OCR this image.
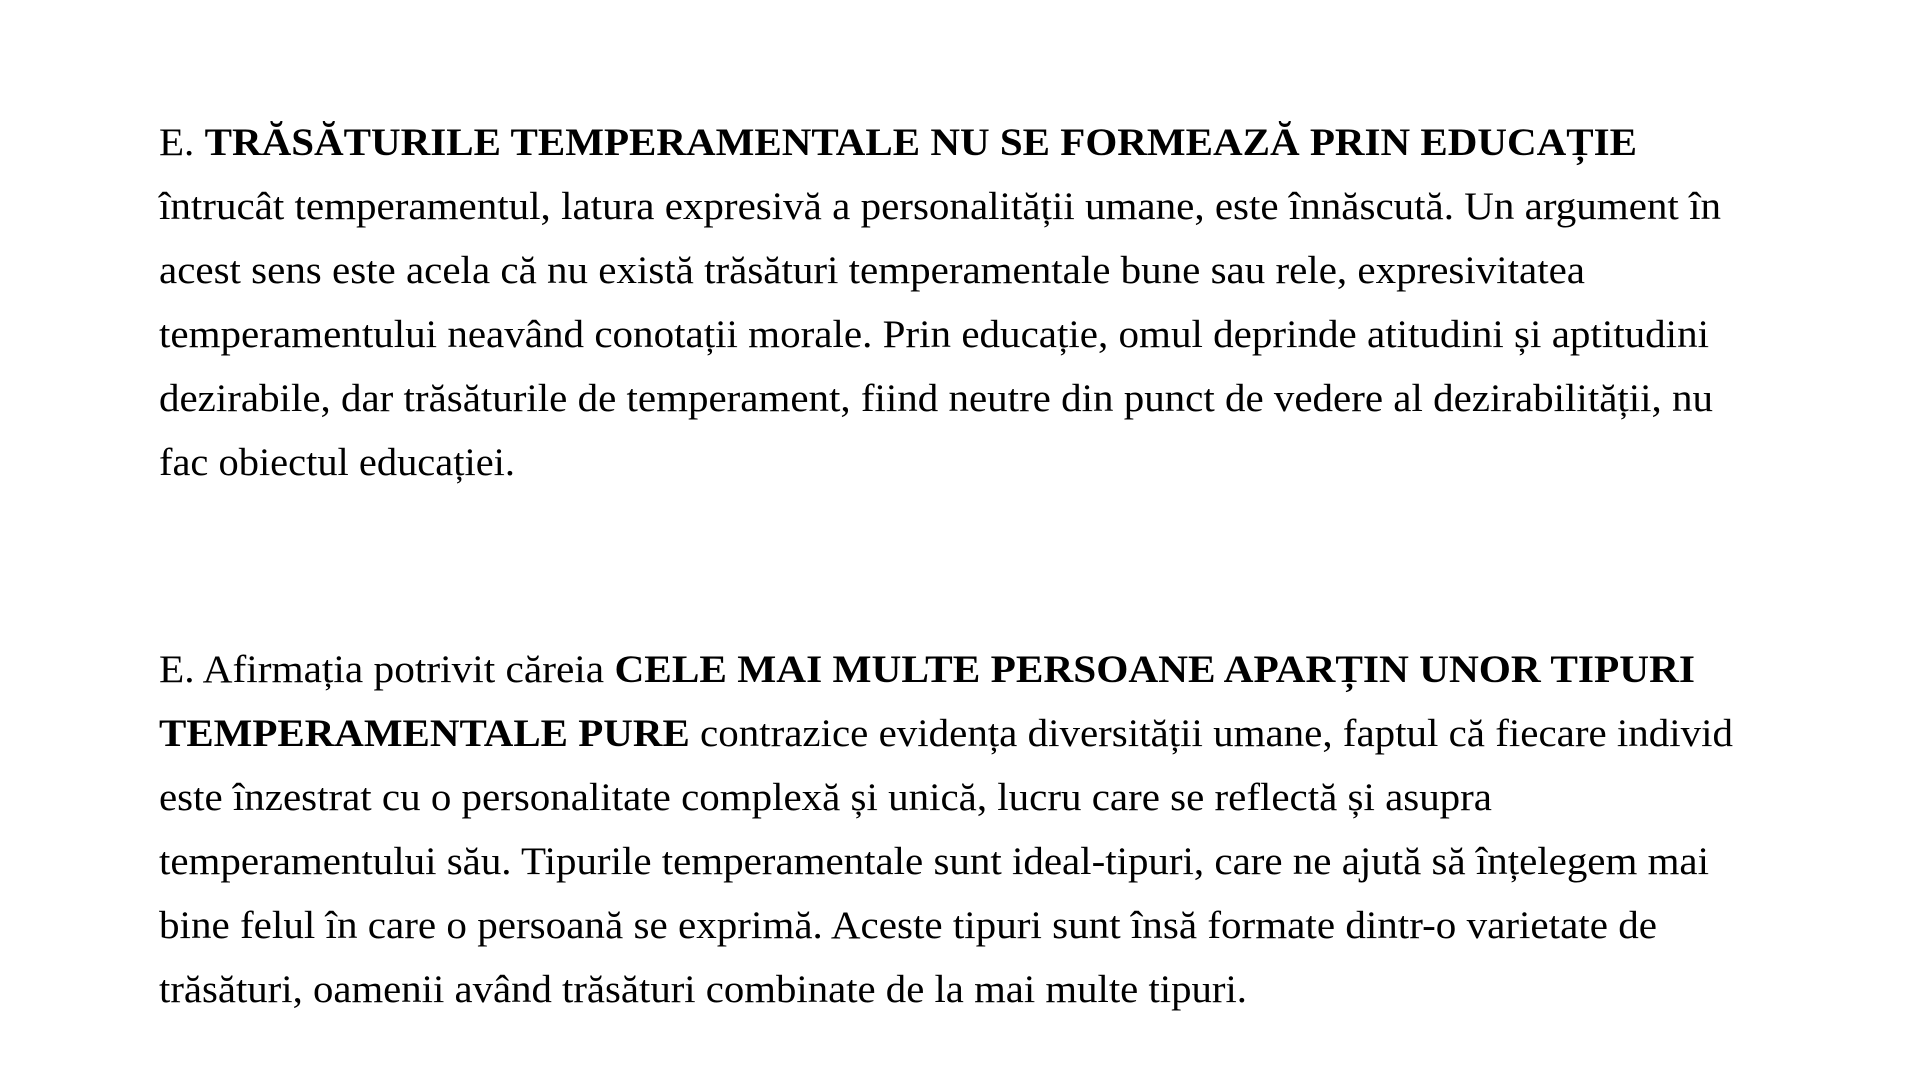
E. TRĂSĂTURILE TEMPERAMENTALE NU SE FORMEAZĂ PRIN EDUCAȚIE
întrucât temperamentul, latura expresivă a personalității umane, este înnăscută. Un argument în
acest sens este acela că nu există trăsături temperamentale bune sau rele, expresivitatea
temperamentului neavând conotații morale. Prin educație, omul deprinde atitudini și aptitudini
dezirabile, dar trăsăturile de temperament, fiind neutre din punct de vedere al dezirabilității, nu
fac obiectul educației.
E. Afirmația potrivit căreia CELE MAI MULTE PERSOANE APARȚIN UNOR TIPURI
TEMPERAMENTALE PURE contrazice evidența diversității umane, faptul că fiecare individ
este înzestrat cu o personalitate complexă și unică, lucru care se reflectă și asupra
temperamentului său. Tipurile temperamentale sunt ideal-tipuri, care ne ajută să înțelegem mai
bine felul în care o persoană se exprimă. Aceste tipuri sunt însă formate dintr-o varietate de
trăsături, oamenii având trăsături combinate de la mai multe tipuri.
